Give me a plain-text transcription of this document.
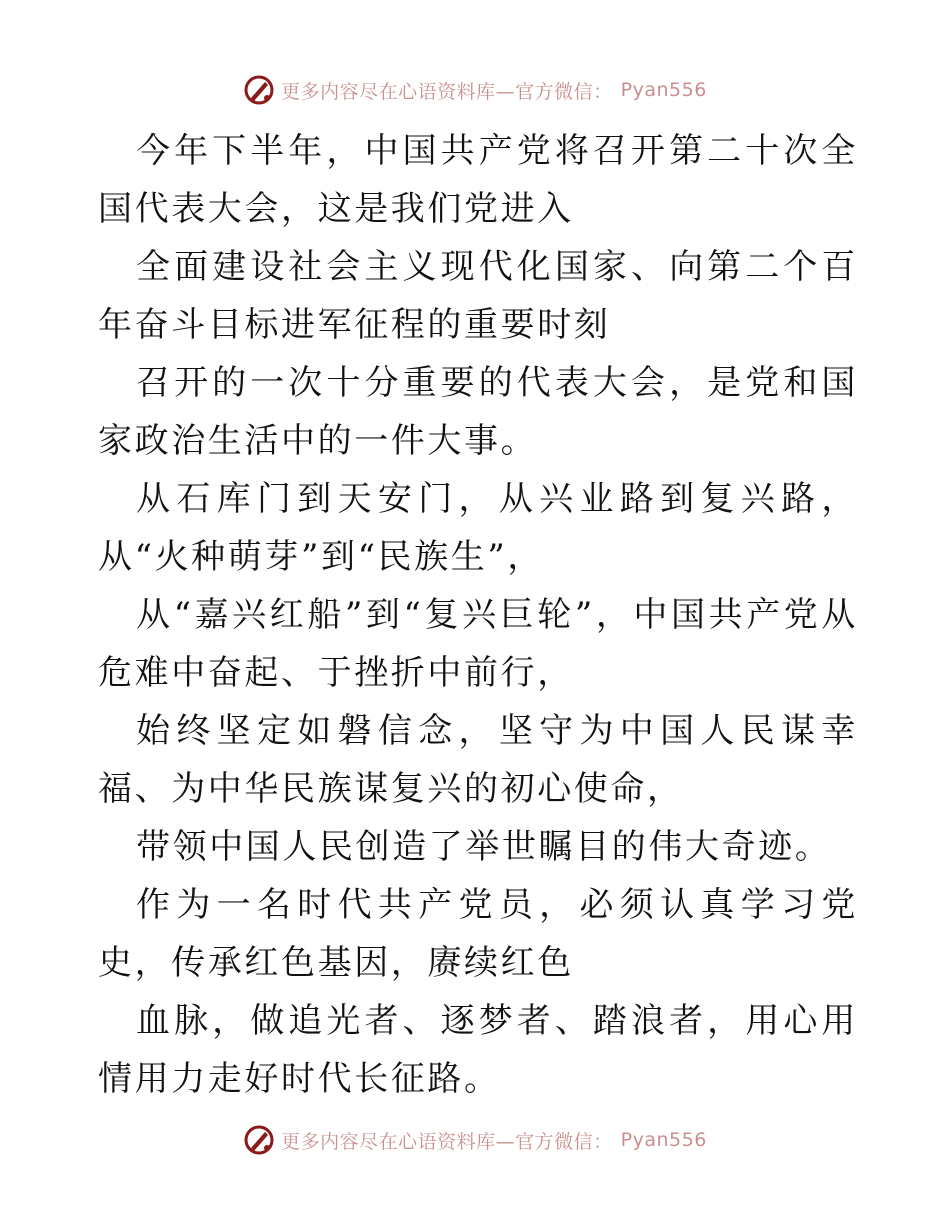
更多内容尽在心语资料库—官方微信： Pyan556

今年下半年，中国共产党将召开第二十次全国代表大会，这是我们党进入

全面建设社会主义现代化国家、向第二个百年奋斗目标进军征程的重要时刻

召开的一次十分重要的代表大会，是党和国家政治生活中的一件大事。

从石库门到天安门，从兴业路到复兴路，从“火种萌芽”到“民族生”，

从“嘉兴红船”到“复兴巨轮”，中国共产党从危难中奋起、于挫折中前行，

始终坚定如磐信念，坚守为中国人民谋幸福、为中华民族谋复兴的初心使命，

带领中国人民创造了举世瞩目的伟大奇迹。

作为一名时代共产党员，必须认真学习党史，传承红色基因，赓续红色

血脉，做追光者、逐梦者、踏浪者，用心用情用力走好时代长征路。

更多内容尽在心语资料库—官方微信： Pyan556
